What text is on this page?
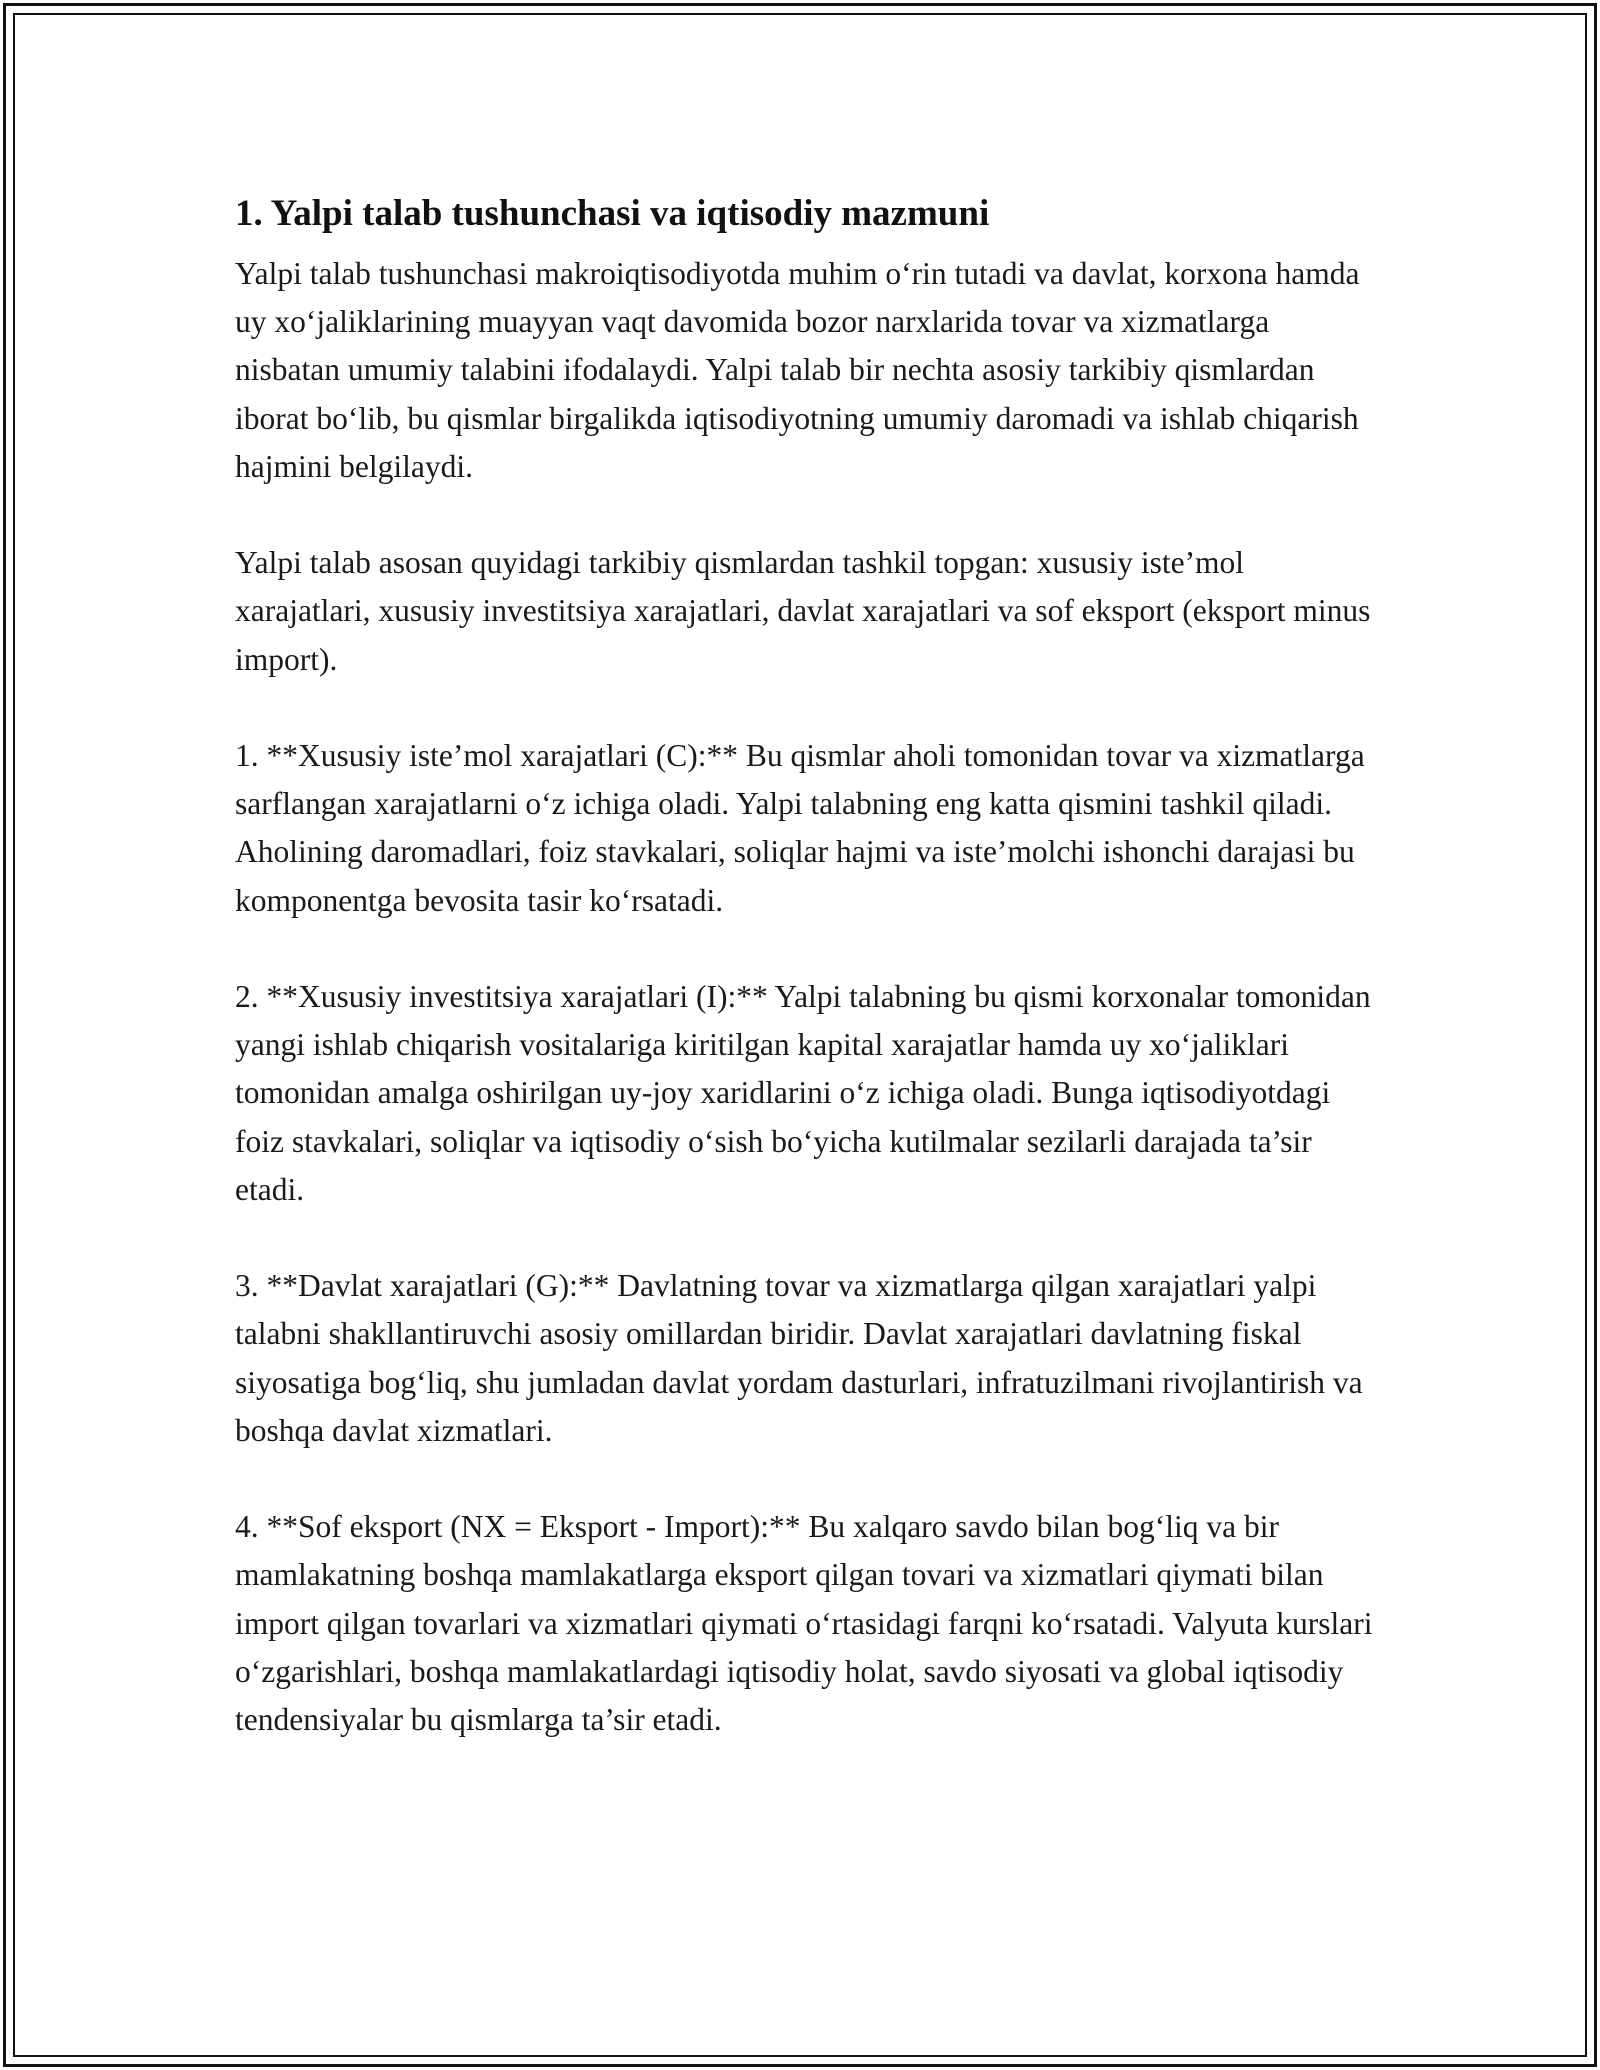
1. Yalpi talab tushunchasi va iqtisodiy mazmuni

Yalpi talab tushunchasi makroiqtisodiyotda muhim o‘rin tutadi va davlat, korxona hamda uy xo‘jaliklarining muayyan vaqt davomida bozor narxlarida tovar va xizmatlarga nisbatan umumiy talabini ifodalaydi. Yalpi talab bir nechta asosiy tarkibiy qismlardan iborat bo‘lib, bu qismlar birgalikda iqtisodiyotning umumiy daromadi va ishlab chiqarish hajmini belgilaydi.

Yalpi talab asosan quyidagi tarkibiy qismlardan tashkil topgan: xususiy iste’mol xarajatlari, xususiy investitsiya xarajatlari, davlat xarajatlari va sof eksport (eksport minus import).

1. **Xususiy iste’mol xarajatlari (C):** Bu qismlar aholi tomonidan tovar va xizmatlarga sarflangan xarajatlarni o‘z ichiga oladi. Yalpi talabning eng katta qismini tashkil qiladi. Aholining daromadlari, foiz stavkalari, soliqlar hajmi va iste’molchi ishonchi darajasi bu komponentga bevosita tasir ko‘rsatadi.

2. **Xususiy investitsiya xarajatlari (I):** Yalpi talabning bu qismi korxonalar tomonidan yangi ishlab chiqarish vositalariga kiritilgan kapital xarajatlar hamda uy xo‘jaliklari tomonidan amalga oshirilgan uy-joy xaridlarini o‘z ichiga oladi. Bunga iqtisodiyotdagi foiz stavkalari, soliqlar va iqtisodiy o‘sish bo‘yicha kutilmalar sezilarli darajada ta’sir etadi.

3. **Davlat xarajatlari (G):** Davlatning tovar va xizmatlarga qilgan xarajatlari yalpi talabni shakllantiruvchi asosiy omillardan biridir. Davlat xarajatlari davlatning fiskal siyosatiga bog‘liq, shu jumladan davlat yordam dasturlari, infratuzilmani rivojlantirish va boshqa davlat xizmatlari.

4. **Sof eksport (NX = Eksport - Import):** Bu xalqaro savdo bilan bog‘liq va bir mamlakatning boshqa mamlakatlarga eksport qilgan tovari va xizmatlari qiymati bilan import qilgan tovarlari va xizmatlari qiymati o‘rtasidagi farqni ko‘rsatadi. Valyuta kurslari o‘zgarishlari, boshqa mamlakatlardagi iqtisodiy holat, savdo siyosati va global iqtisodiy tendensiyalar bu qismlarga ta’sir etadi.
